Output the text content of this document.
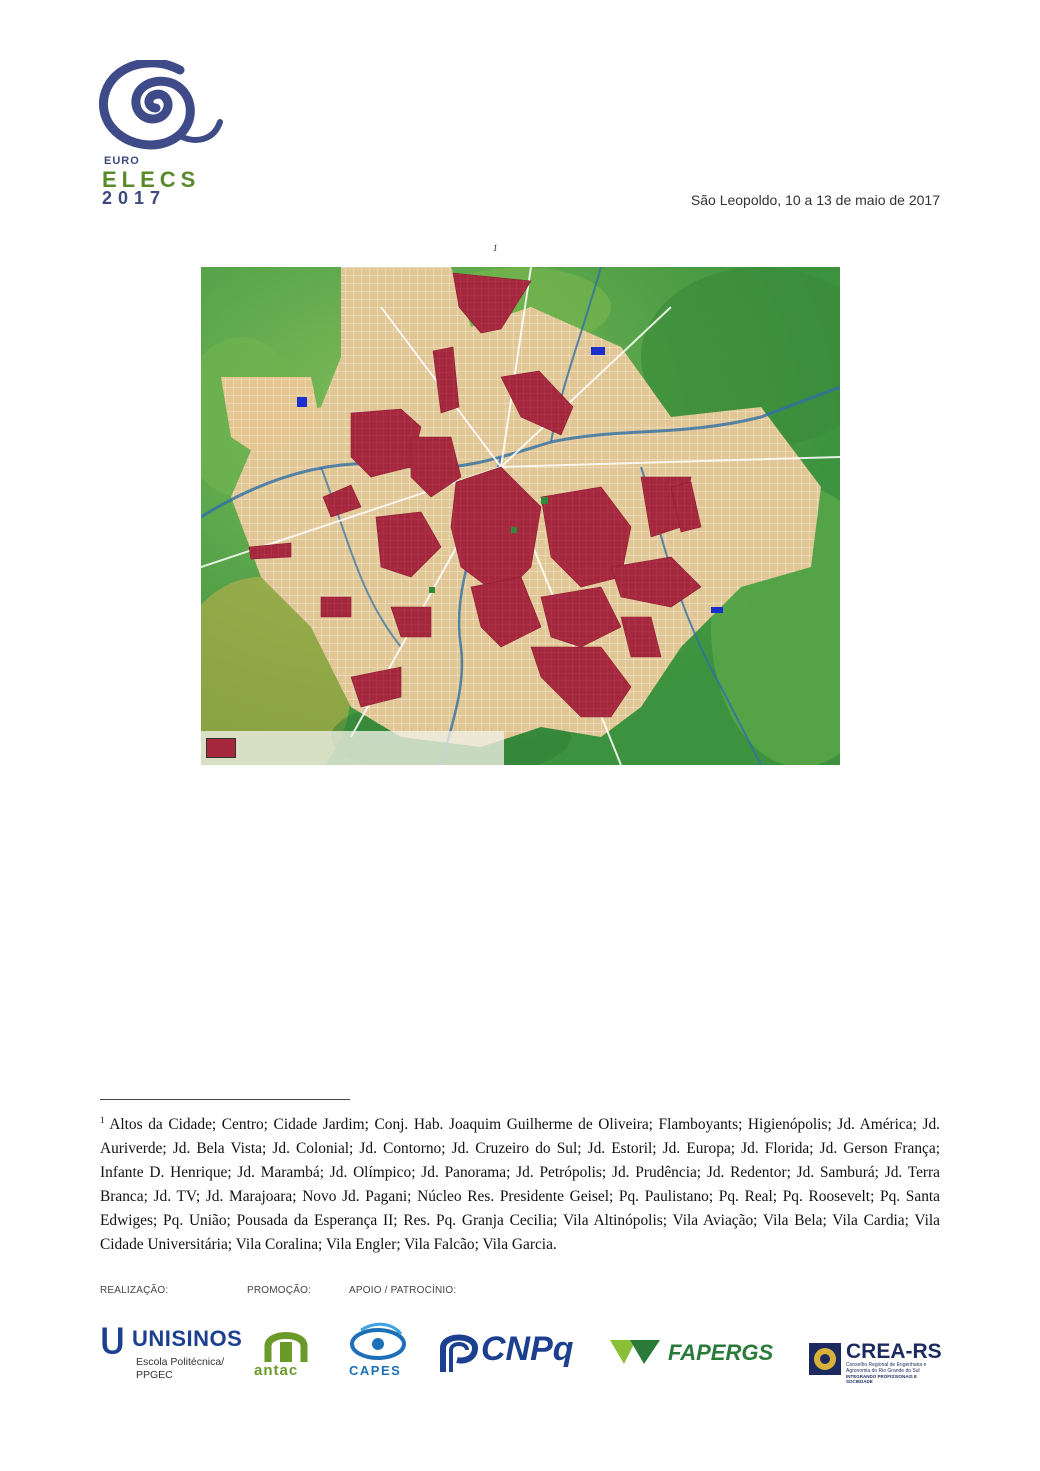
EURO
ELECS
2017	São Leopoldo, 10 a 13 de maio de 2017
1

$^1$ Altos da Cidade; Centro; Cidade Jardim; Conj. Hab. Joaquim Guilherme de Oliveira; Flamboyants; Higienópolis; Jd. América; Jd. Auriverde; Jd. Bela Vista; Jd. Colonial; Jd. Contorno; Jd. Cruzeiro do Sul; Jd. Estoril; Jd. Europa; Jd. Florida; Jd. Gerson França; Infante D. Henrique; Jd. Marambá; Jd. Olímpico; Jd. Panorama; Jd. Petrópolis; Jd. Prudência; Jd. Redentor; Jd. Samburá; Jd. Terra Branca; Jd. TV; Jd. Marajoara; Novo Jd. Pagani; Núcleo Res. Presidente Geisel; Pq. Paulistano; Pq. Real; Pq. Roosevelt; Pq. Santa Edwiges; Pq. União; Pousada da Esperança II; Res. Pq. Granja Cecilia; Vila Altinópolis; Vila Aviação; Vila Bela; Vila Cardia; Vila Cidade Universitária; Vila Coralina; Vila Engler; Vila Falcão; Vila Garcia.

REALIZAÇÃO:	PROMOÇÃO:	APOIO / PATROCÍNIO:
Ս UNISINOS
Escola Politécnica/
PPGEC	antac	CAPES
CNPq	FAPERGS	CREA-RS
Conselho Regional de Engenharia e Agronomia do Rio Grande do Sul
INTEGRANDO PROFISSIONAIS E SOCIEDADE
